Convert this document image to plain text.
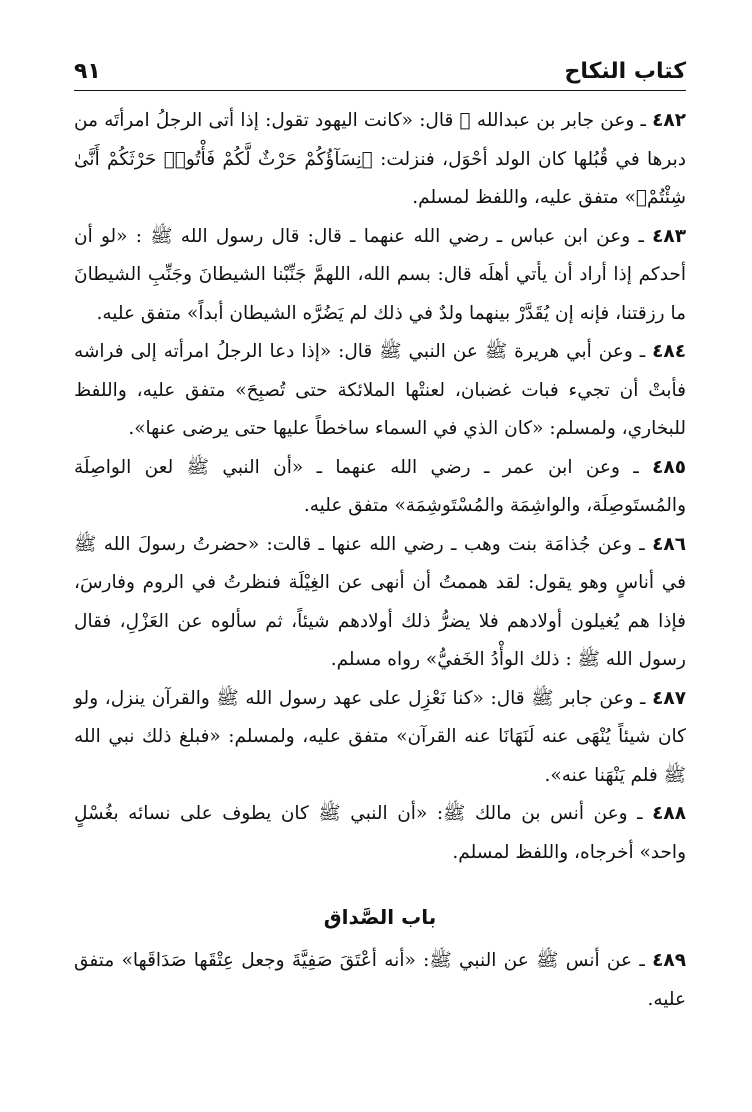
كتاب النكاح
٩١

٤٨٢ ـ وعن جابر بن عبدالله ﷺ قال: «كانت اليهود تقول: إذا أتى الرجلُ امرأتَه من دبرها في قُبُلها كان الولد أحْوَل، فنزلت: ﴿نِسَآؤُكُمْ حَرْثٌ لَّكُمْ فَأْتُوا۟ حَرْثَكُمْ أَنَّىٰ شِئْتُمْ﴾» متفق عليه، واللفظ لمسلم.

٤٨٣ ـ وعن ابن عباس ـ رضي الله عنهما ـ قال: قال رسول الله ﷺ : «لو أن أحدكم إذا أراد أن يأتي أهلَه قال: بسم الله، اللهمَّ جَنِّبْنا الشيطانَ وجَنِّبِ الشيطانَ ما رزقتنا، فإنه إن يُقَدَّرْ بينهما ولدٌ في ذلك لم يَضُرَّه الشيطان أبداً» متفق عليه.

٤٨٤ ـ وعن أبي هريرة ﷺ عن النبي ﷺ قال: «إذا دعا الرجلُ امرأته إلى فراشه فأبتْ أن تجيء فبات غضبان، لعنتْها الملائكة حتى تُصبِحَ» متفق عليه، واللفظ للبخاري، ولمسلم: «كان الذي في السماء ساخطاً عليها حتى يرضى عنها».

٤٨٥ ـ وعن ابن عمر ـ رضي الله عنهما ـ «أن النبي ﷺ لعن الواصِلَة والمُستَوصِلَة، والواشِمَة والمُسْتَوشِمَة» متفق عليه.

٤٨٦ ـ وعن جُذامَة بنت وهب ـ رضي الله عنها ـ قالت: «حضرتُ رسولَ الله ﷺ في أناسٍ وهو يقول: لقد هممتُ أن أنهى عن الغِيْلَة فنظرتُ في الروم وفارسَ، فإذا هم يُغيلون أولادهم فلا يضرُّ ذلك أولادهم شيئاً، ثم سألوه عن العَزْلِ، فقال رسول الله ﷺ : ذلك الوأْدُ الخَفيُّ» رواه مسلم.

٤٨٧ ـ وعن جابر ﷺ قال: «كنا نَعْزِل على عهد رسول الله ﷺ والقرآن ينزل، ولو كان شيئاً يُنْهَى عنه لَنَهَانَا عنه القرآن» متفق عليه، ولمسلم: «فبلغ ذلك نبي الله ﷺ فلم يَنْهَنا عنه».

٤٨٨ ـ وعن أنس بن مالك ﷺ: «أن النبي ﷺ كان يطوف على نسائه بغُسْلٍ واحد» أخرجاه، واللفظ لمسلم.

باب الصَّداق

٤٨٩ ـ عن أنس ﷺ عن النبي ﷺ: «أنه أعْتَقَ صَفِيَّةَ وجعل عِتْقَها صَدَاقَها» متفق عليه.
